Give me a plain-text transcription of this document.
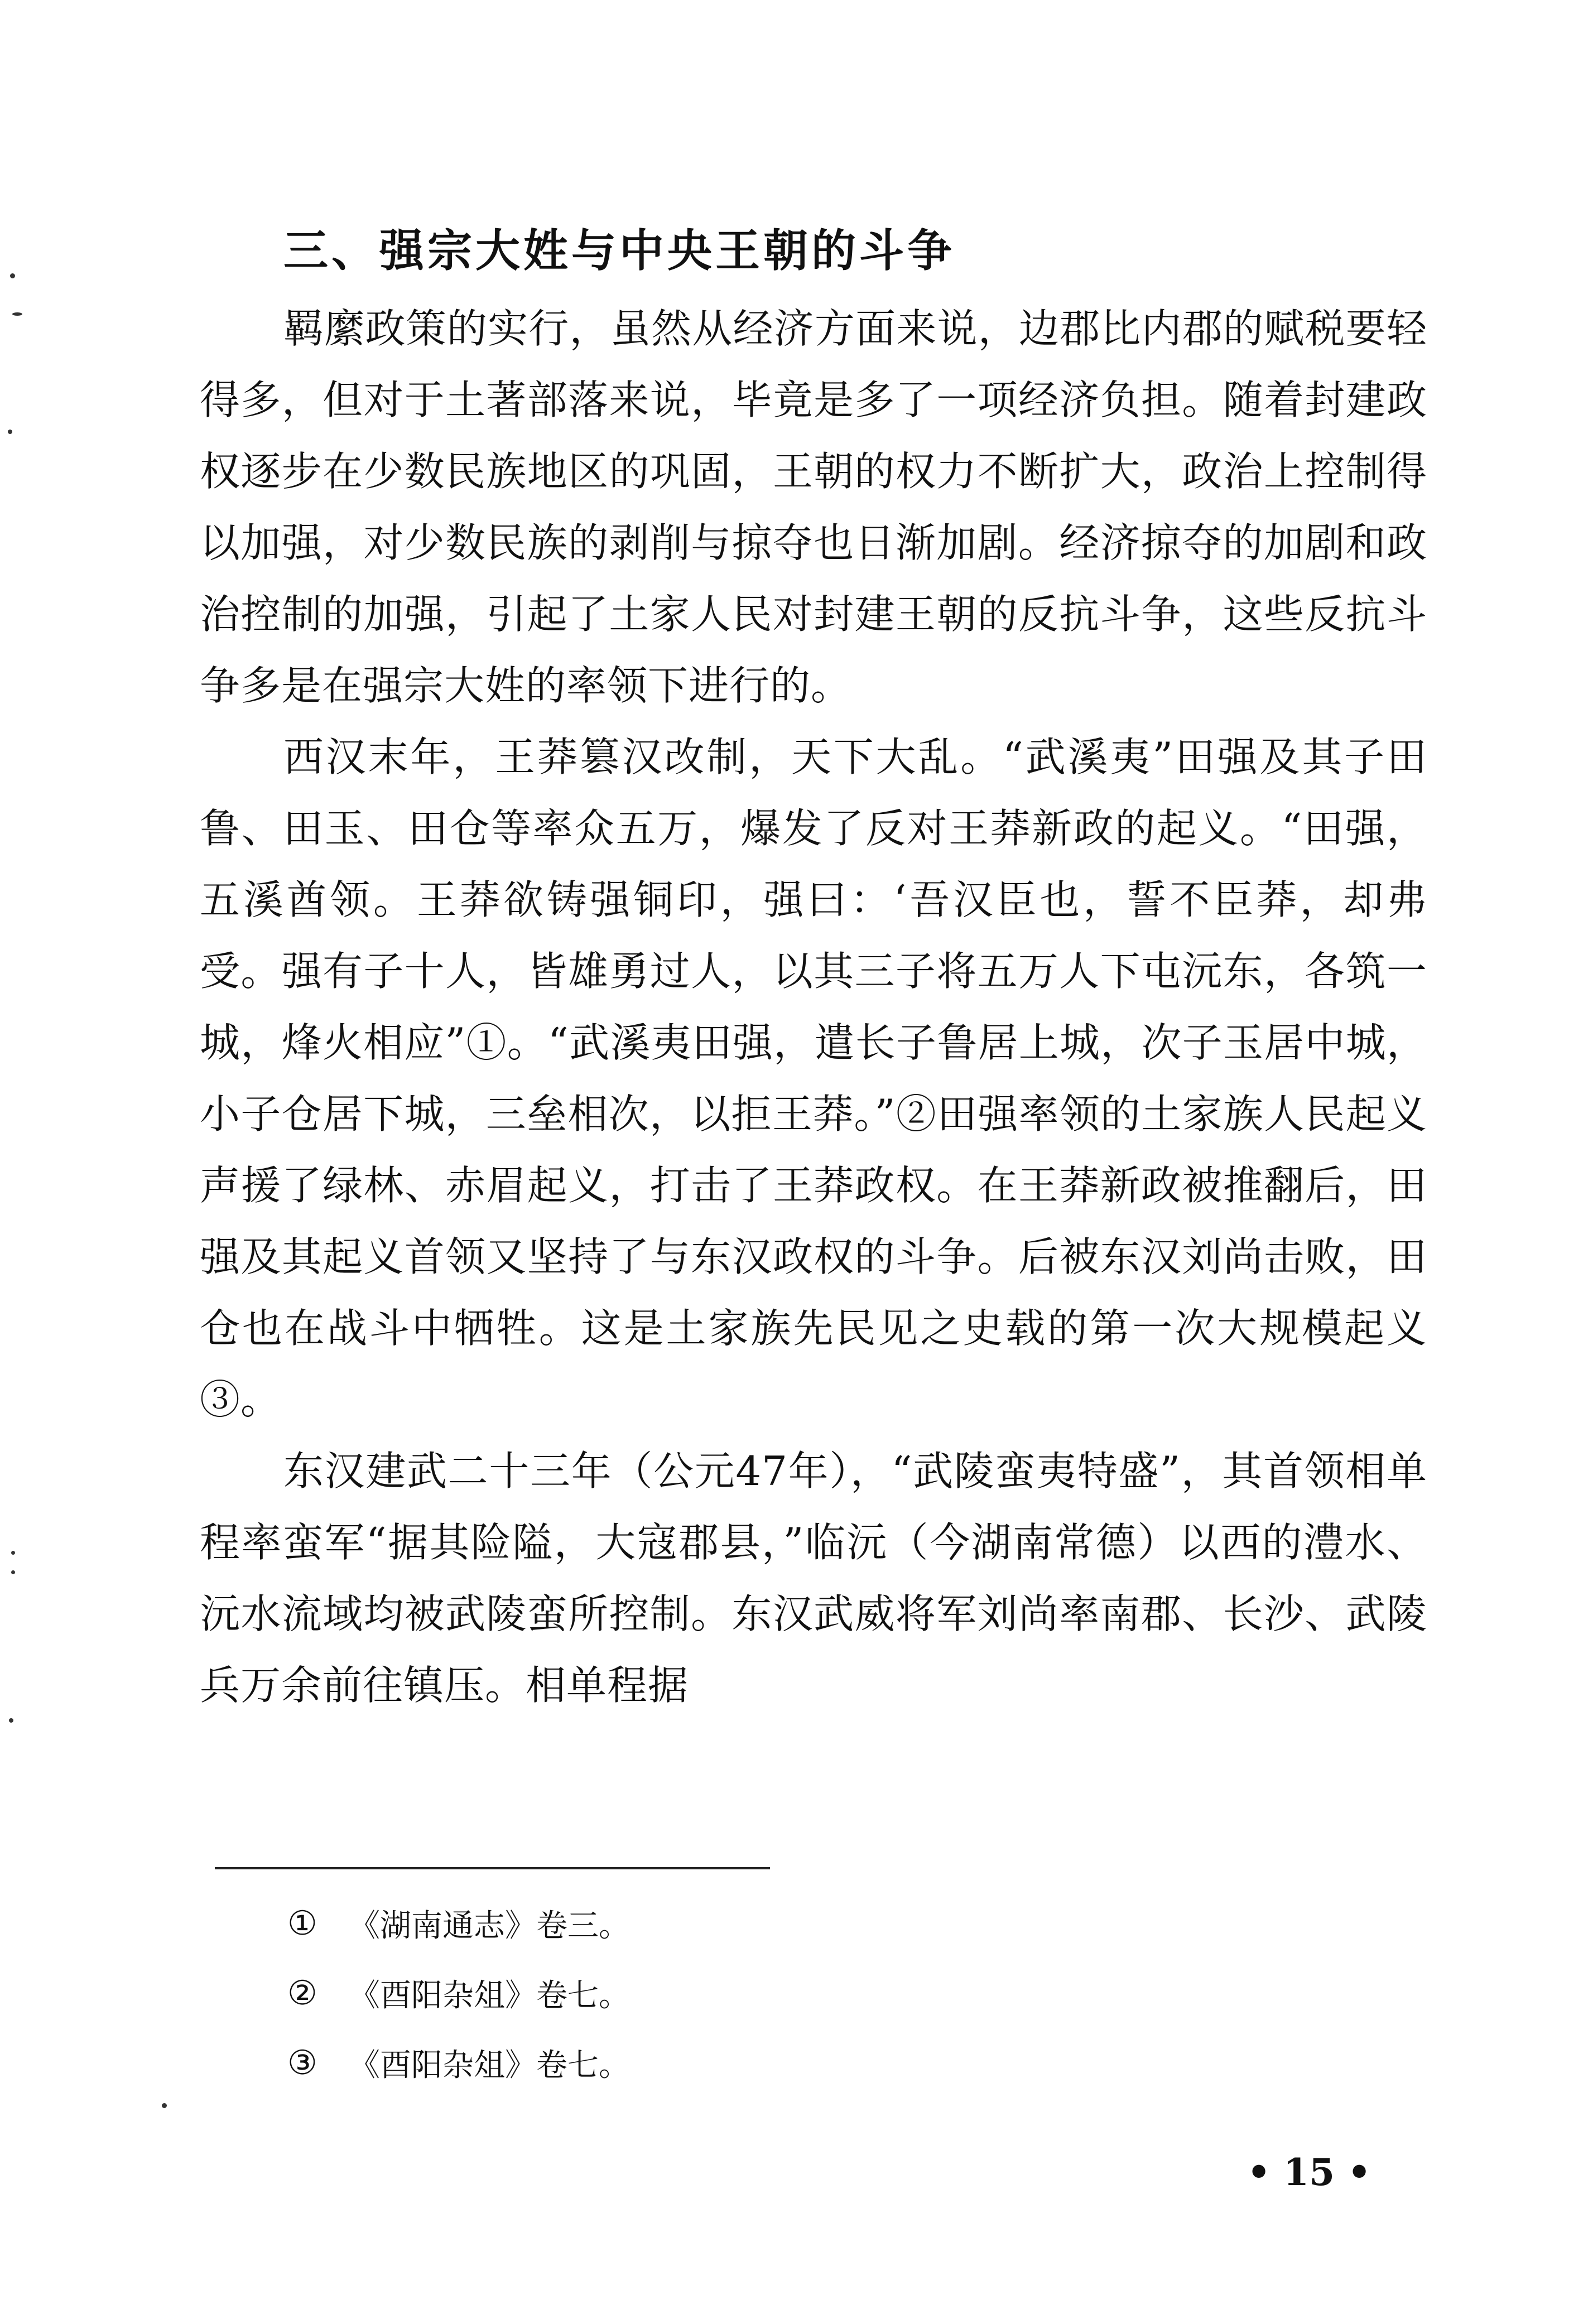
三、强宗大姓与中央王朝的斗争

羁縻政策的实行，虽然从经济方面来说，边郡比内郡的赋税要轻得多，但对于土著部落来说，毕竟是多了一项经济负担。随着封建政权逐步在少数民族地区的巩固，王朝的权力不断扩大，政治上控制得以加强，对少数民族的剥削与掠夺也日渐加剧。经济掠夺的加剧和政治控制的加强，引起了土家人民对封建王朝的反抗斗争，这些反抗斗争多是在强宗大姓的率领下进行的。

西汉末年，王莽篡汉改制，天下大乱。“武溪夷”田强及其子田鲁、田玉、田仓等率众五万，爆发了反对王莽新政的起义。“田强，五溪酋领。王莽欲铸强铜印，强曰：‘吾汉臣也，誓不臣莽，却弗受。强有子十人，皆雄勇过人，以其三子将五万人下屯沅东，各筑一城，烽火相应”①。“武溪夷田强，遣长子鲁居上城，次子玉居中城，小子仓居下城，三垒相次，以拒王莽。”②田强率领的土家族人民起义声援了绿林、赤眉起义，打击了王莽政权。在王莽新政被推翻后，田强及其起义首领又坚持了与东汉政权的斗争。后被东汉刘尚击败，田仓也在战斗中牺牲。这是土家族先民见之史载的第一次大规模起义③。

东汉建武二十三年（公元47年），“武陵蛮夷特盛”，其首领相单程率蛮军“据其险隘，大寇郡县，”临沅（今湖南常德）以西的澧水、沅水流域均被武陵蛮所控制。东汉武威将军刘尚率南郡、长沙、武陵兵万余前往镇压。相单程据

①	《湖南通志》卷三。
②	《酉阳杂俎》卷七。
③	《酉阳杂俎》卷七。
• 15 •
